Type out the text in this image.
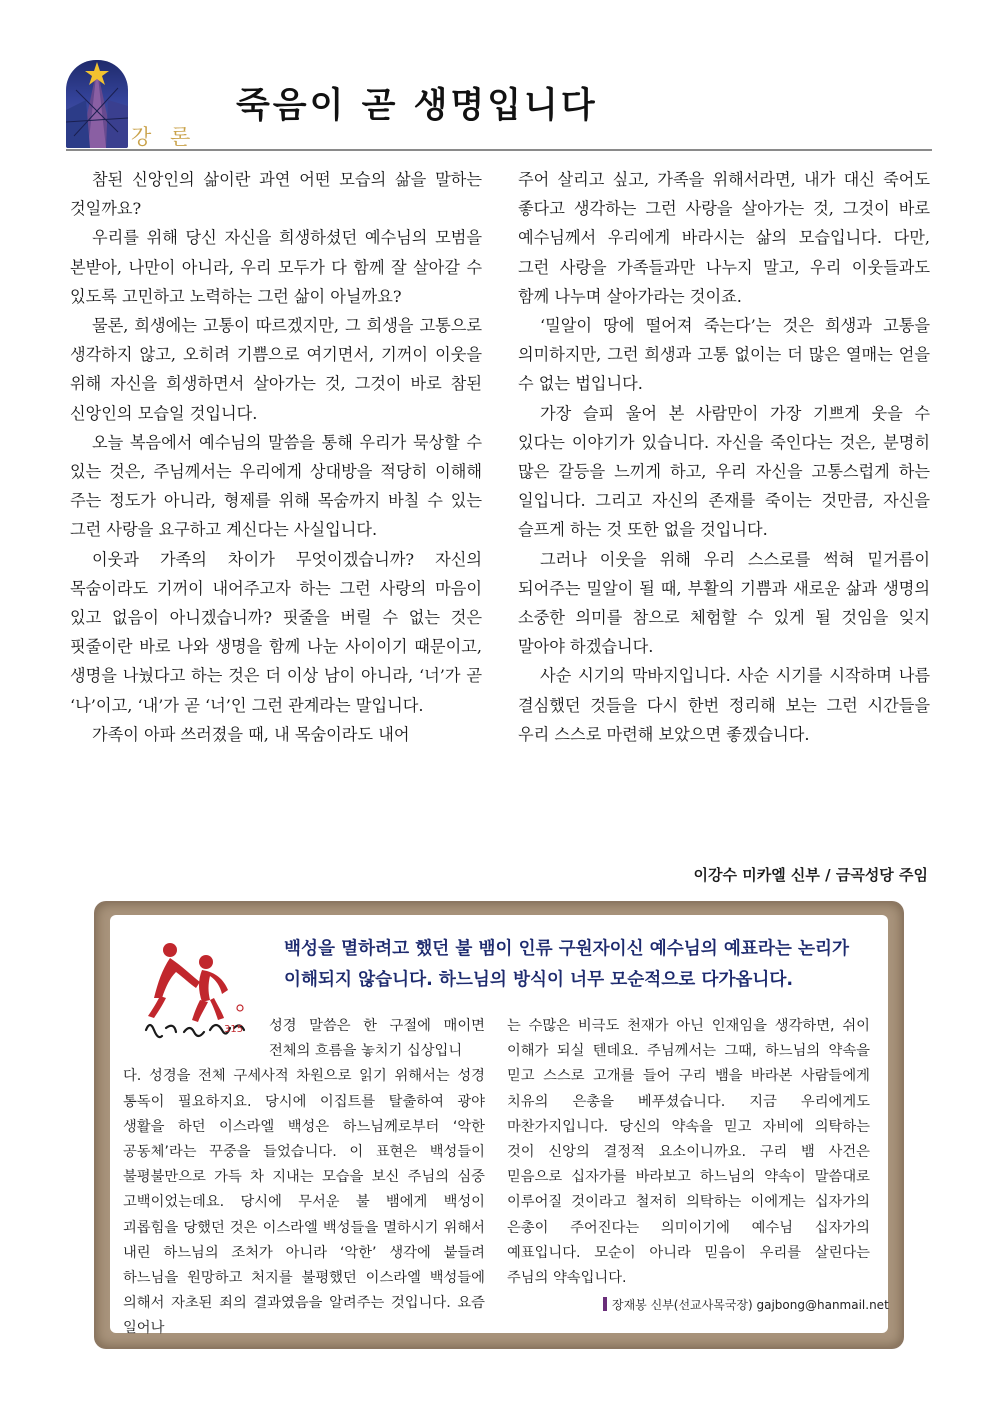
강 론
죽음이 곧 생명입니다

참된 신앙인의 삶이란 과연 어떤 모습의 삶을 말하는 것일까요?

우리를 위해 당신 자신을 희생하셨던 예수님의 모범을 본받아, 나만이 아니라, 우리 모두가 다 함께 잘 살아갈 수 있도록 고민하고 노력하는 그런 삶이 아닐까요?

물론, 희생에는 고통이 따르겠지만, 그 희생을 고통으로 생각하지 않고, 오히려 기쁨으로 여기면서, 기꺼이 이웃을 위해 자신을 희생하면서 살아가는 것, 그것이 바로 참된 신앙인의 모습일 것입니다.

오늘 복음에서 예수님의 말씀을 통해 우리가 묵상할 수 있는 것은, 주님께서는 우리에게 상대방을 적당히 이해해 주는 정도가 아니라, 형제를 위해 목숨까지 바칠 수 있는 그런 사랑을 요구하고 계신다는 사실입니다.

이웃과 가족의 차이가 무엇이겠습니까? 자신의 목숨이라도 기꺼이 내어주고자 하는 그런 사랑의 마음이 있고 없음이 아니겠습니까? 핏줄을 버릴 수 없는 것은 핏줄이란 바로 나와 생명을 함께 나눈 사이이기 때문이고, 생명을 나눴다고 하는 것은 더 이상 남이 아니라, ‘너’가 곧 ‘나’이고, ‘내’가 곧 ‘너’인 그런 관계라는 말입니다.

가족이 아파 쓰러졌을 때, 내 목숨이라도 내어

주어 살리고 싶고, 가족을 위해서라면, 내가 대신 죽어도 좋다고 생각하는 그런 사랑을 살아가는 것, 그것이 바로 예수님께서 우리에게 바라시는 삶의 모습입니다. 다만, 그런 사랑을 가족들과만 나누지 말고, 우리 이웃들과도 함께 나누며 살아가라는 것이죠.

‘밀알이 땅에 떨어져 죽는다’는 것은 희생과 고통을 의미하지만, 그런 희생과 고통 없이는 더 많은 열매는 얻을 수 없는 법입니다.

가장 슬피 울어 본 사람만이 가장 기쁘게 웃을 수 있다는 이야기가 있습니다. 자신을 죽인다는 것은, 분명히 많은 갈등을 느끼게 하고, 우리 자신을 고통스럽게 하는 일입니다. 그리고 자신의 존재를 죽이는 것만큼, 자신을 슬프게 하는 것 또한 없을 것입니다.

그러나 이웃을 위해 우리 스스로를 썩혀 밑거름이 되어주는 밀알이 될 때, 부활의 기쁨과 새로운 삶과 생명의 소중한 의미를 참으로 체험할 수 있게 될 것임을 잊지 말아야 하겠습니다.

사순 시기의 막바지입니다. 사순 시기를 시작하며 나름 결심했던 것들을 다시 한번 정리해 보는 그런 시간들을 우리 스스로 마련해 보았으면 좋겠습니다.

이강수 미카엘 신부 / 금곡성당 주임

315

백성을 멸하려고 했던 불 뱀이 인류 구원자이신 예수님의 예표라는 논리가 이해되지 않습니다. 하느님의 방식이 너무 모순적으로 다가옵니다.

성경 말씀은 한 구절에 매이면 전체의 흐름을 놓치기 십상입니

다. 성경을 전체 구세사적 차원으로 읽기 위해서는 성경 통독이 필요하지요. 당시에 이집트를 탈출하여 광야 생활을 하던 이스라엘 백성은 하느님께로부터 ‘악한 공동체’라는 꾸중을 들었습니다. 이 표현은 백성들이 불평불만으로 가득 차 지내는 모습을 보신 주님의 심중 고백이었는데요. 당시에 무서운 불 뱀에게 백성이 괴롭힘을 당했던 것은 이스라엘 백성들을 멸하시기 위해서 내린 하느님의 조처가 아니라 ‘악한’ 생각에 붙들려 하느님을 원망하고 처지를 불평했던 이스라엘 백성들에 의해서 자초된 죄의 결과였음을 알려주는 것입니다. 요즘 일어나

는 수많은 비극도 천재가 아닌 인재임을 생각하면, 쉬이 이해가 되실 텐데요. 주님께서는 그때, 하느님의 약속을 믿고 스스로 고개를 들어 구리 뱀을 바라본 사람들에게 치유의 은총을 베푸셨습니다. 지금 우리에게도 마찬가지입니다. 당신의 약속을 믿고 자비에 의탁하는 것이 신앙의 결정적 요소이니까요. 구리 뱀 사건은 믿음으로 십자가를 바라보고 하느님의 약속이 말씀대로 이루어질 것이라고 철저히 의탁하는 이에게는 십자가의 은총이 주어진다는 의미이기에 예수님 십자가의 예표입니다. 모순이 아니라 믿음이 우리를 살린다는 주님의 약속입니다.

장재봉 신부(선교사목국장) gajbong@hanmail.net
